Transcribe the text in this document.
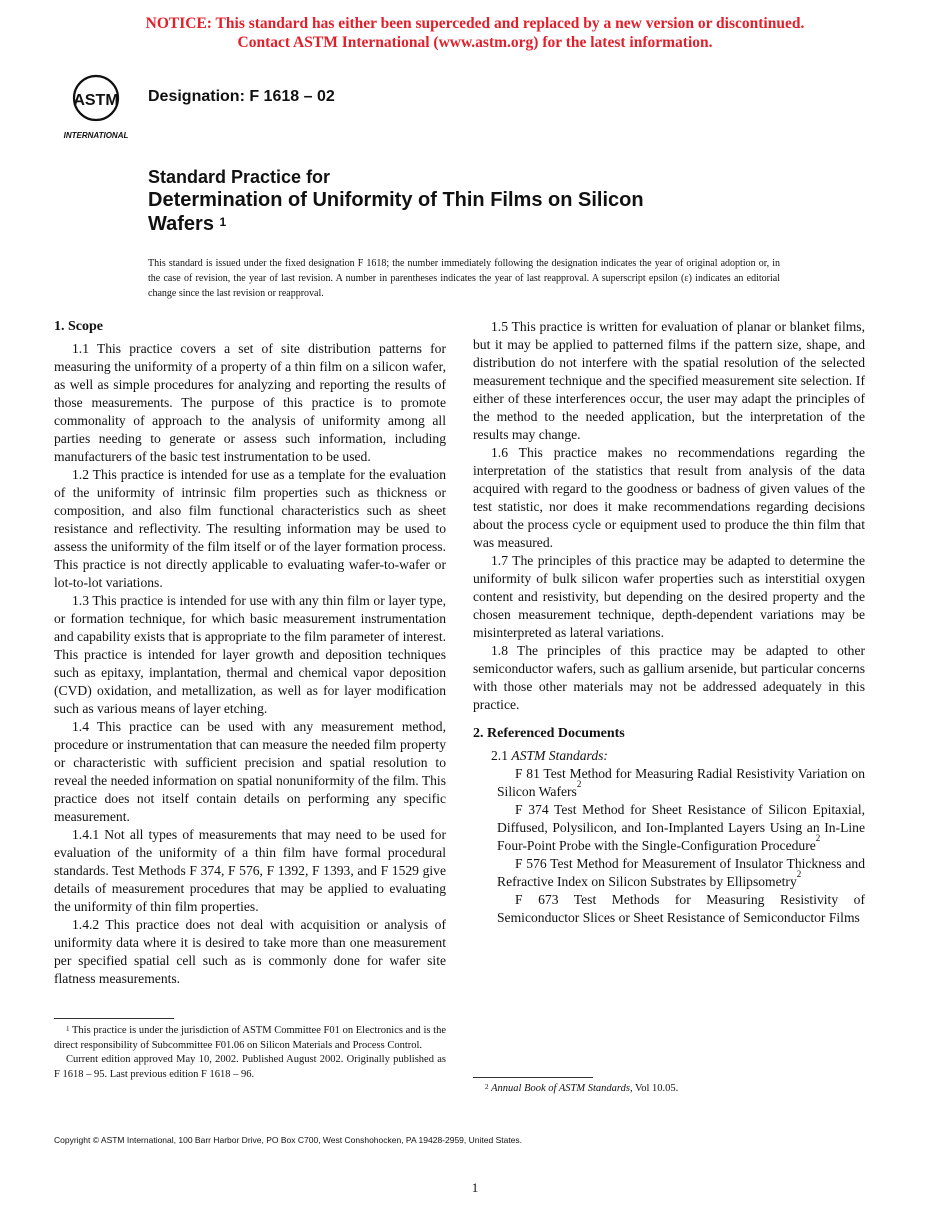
NOTICE: This standard has either been superceded and replaced by a new version or discontinued.
Contact ASTM International (www.astm.org) for the latest information.
ASTM
INTERNATIONAL
Designation: F 1618 – 02
Standard Practice for
Determination of Uniformity of Thin Films on Silicon
Wafers $^1$
This standard is issued under the fixed designation F 1618; the number immediately following the designation indicates the year of original adoption or, in the case of revision, the year of last revision. A number in parentheses indicates the year of last reapproval. A superscript epsilon (ε) indicates an editorial change since the last revision or reapproval.
1. Scope

1.1 This practice covers a set of site distribution patterns for measuring the uniformity of a property of a thin film on a silicon wafer, as well as simple procedures for analyzing and reporting the results of those measurements. The purpose of this practice is to promote commonality of approach to the analysis of uniformity among all parties needing to generate or assess such information, including manufacturers of the basic test instrumentation to be used.

1.2 This practice is intended for use as a template for the evaluation of the uniformity of intrinsic film properties such as thickness or composition, and also film functional characteristics such as sheet resistance and reflectivity. The resulting information may be used to assess the uniformity of the film itself or of the layer formation process. This practice is not directly applicable to evaluating wafer-to-wafer or lot-to-lot variations.

1.3 This practice is intended for use with any thin film or layer type, or formation technique, for which basic measurement instrumentation and capability exists that is appropriate to the film parameter of interest. This practice is intended for layer growth and deposition techniques such as epitaxy, implantation, thermal and chemical vapor deposition (CVD) oxidation, and metallization, as well as for layer modification such as various means of layer etching.

1.4 This practice can be used with any measurement method, procedure or instrumentation that can measure the needed film property or characteristic with sufficient precision and spatial resolution to reveal the needed information on spatial nonuniformity of the film. This practice does not itself contain details on performing any specific measurement.

1.4.1 Not all types of measurements that may need to be used for evaluation of the uniformity of a thin film have formal procedural standards. Test Methods F 374, F 576, F 1392, F 1393, and F 1529 give details of measurement procedures that may be applied to evaluating the uniformity of thin film properties.

1.4.2 This practice does not deal with acquisition or analysis of uniformity data where it is desired to take more than one measurement per specified spatial cell such as is commonly done for wafer site flatness measurements.

1.5 This practice is written for evaluation of planar or blanket films, but it may be applied to patterned films if the pattern size, shape, and distribution do not interfere with the spatial resolution of the selected measurement technique and the specified measurement site selection. If either of these interferences occur, the user may adapt the principles of the method to the needed application, but the interpretation of the results may change.

1.6 This practice makes no recommendations regarding the interpretation of the statistics that result from analysis of the data acquired with regard to the goodness or badness of given values of the test statistic, nor does it make recommendations regarding decisions about the process cycle or equipment used to produce the thin film that was measured.

1.7 The principles of this practice may be adapted to determine the uniformity of bulk silicon wafer properties such as interstitial oxygen content and resistivity, but depending on the desired property and the chosen measurement technique, depth-dependent variations may be misinterpreted as lateral variations.

1.8 The principles of this practice may be adapted to other semiconductor wafers, such as gallium arsenide, but particular concerns with those other materials may not be addressed adequately in this practice.

2. Referenced Documents

2.1 ASTM Standards:

F 81 Test Method for Measuring Radial Resistivity Variation on Silicon Wafers$^2$

F 374 Test Method for Sheet Resistance of Silicon Epitaxial, Diffused, Polysilicon, and Ion-Implanted Layers Using an In-Line Four-Point Probe with the Single-Configuration Procedure$^2$

F 576 Test Method for Measurement of Insulator Thickness and Refractive Index on Silicon Substrates by Ellipsometry$^2$

F 673 Test Methods for Measuring Resistivity of Semiconductor Slices or Sheet Resistance of Semiconductor Films

$^1$ This practice is under the jurisdiction of ASTM Committee F01 on Electronics and is the direct responsibility of Subcommittee F01.06 on Silicon Materials and Process Control.

Current edition approved May 10, 2002. Published August 2002. Originally published as F 1618 – 95. Last previous edition F 1618 – 96.

$^2$ Annual Book of ASTM Standards, Vol 10.05.

Copyright © ASTM International, 100 Barr Harbor Drive, PO Box C700, West Conshohocken, PA 19428-2959, United States.
1
